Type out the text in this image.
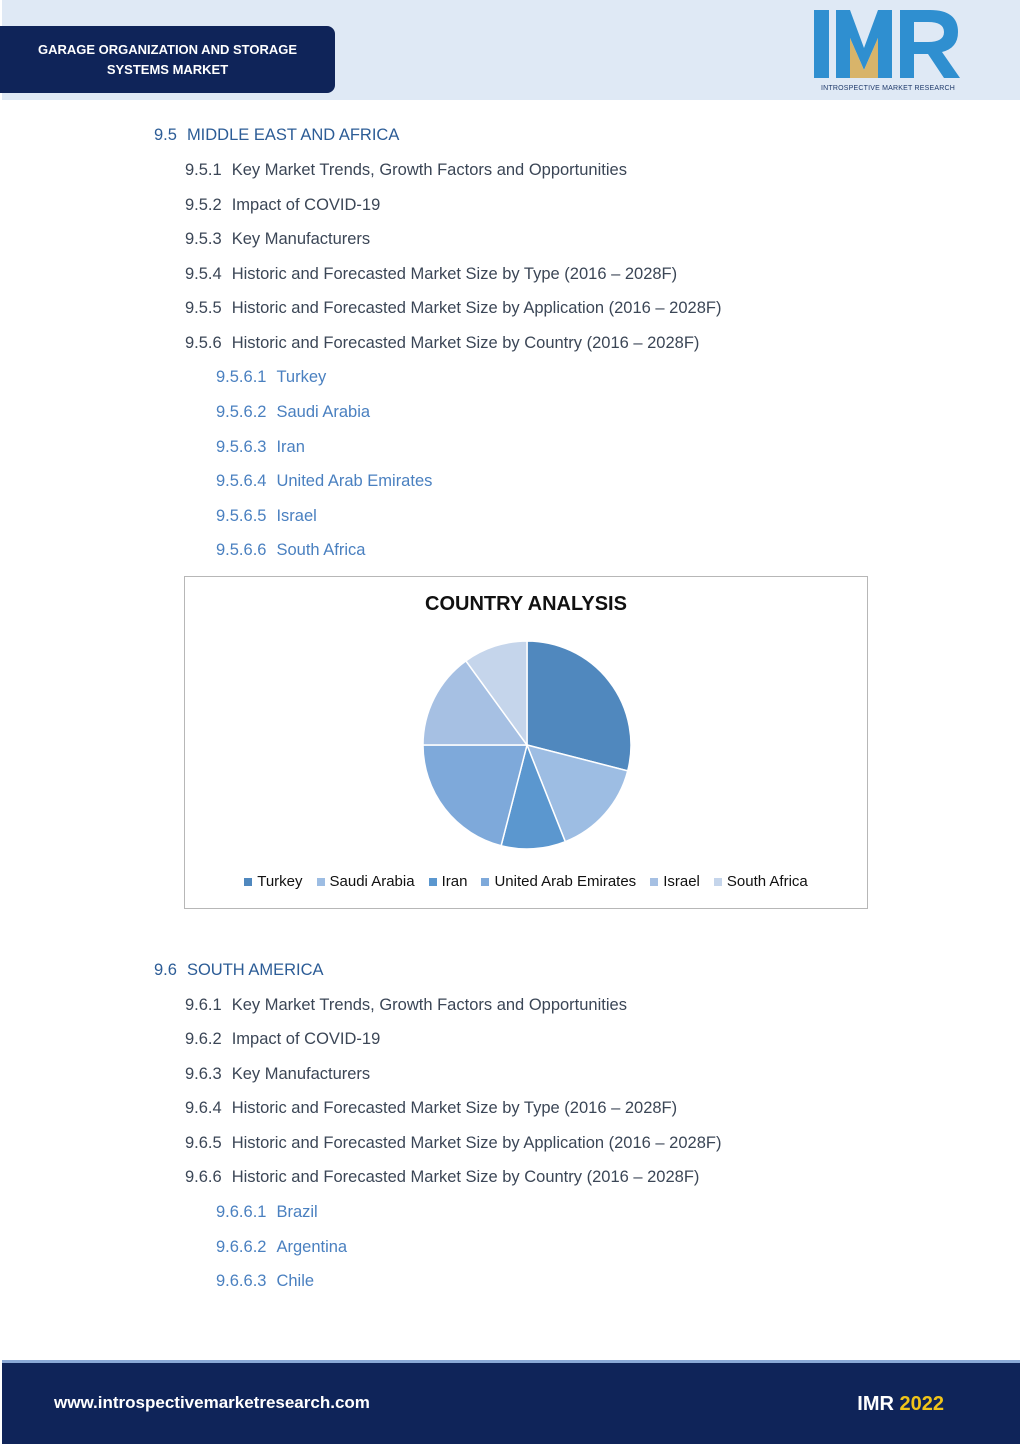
GARAGE ORGANIZATION AND STORAGE
SYSTEMS MARKET
INTROSPECTIVE MARKET RESEARCH
9.5 MIDDLE EAST AND AFRICA
9.5.1 Key Market Trends, Growth Factors and Opportunities
9.5.2 Impact of COVID-19
9.5.3 Key Manufacturers
9.5.4 Historic and Forecasted Market Size by Type (2016 – 2028F)
9.5.5 Historic and Forecasted Market Size by Application (2016 – 2028F)
9.5.6 Historic and Forecasted Market Size by Country (2016 – 2028F)
9.5.6.1 Turkey
9.5.6.2 Saudi Arabia
9.5.6.3 Iran
9.5.6.4 United Arab Emirates
9.5.6.5 Israel
9.5.6.6 South Africa
COUNTRY ANALYSIS
Turkey Saudi Arabia Iran United Arab Emirates Israel South Africa
9.6 SOUTH AMERICA
9.6.1 Key Market Trends, Growth Factors and Opportunities
9.6.2 Impact of COVID-19
9.6.3 Key Manufacturers
9.6.4 Historic and Forecasted Market Size by Type (2016 – 2028F)
9.6.5 Historic and Forecasted Market Size by Application (2016 – 2028F)
9.6.6 Historic and Forecasted Market Size by Country (2016 – 2028F)
9.6.6.1 Brazil
9.6.6.2 Argentina
9.6.6.3 Chile
www.introspectivemarketresearch.com	IMR 2022
